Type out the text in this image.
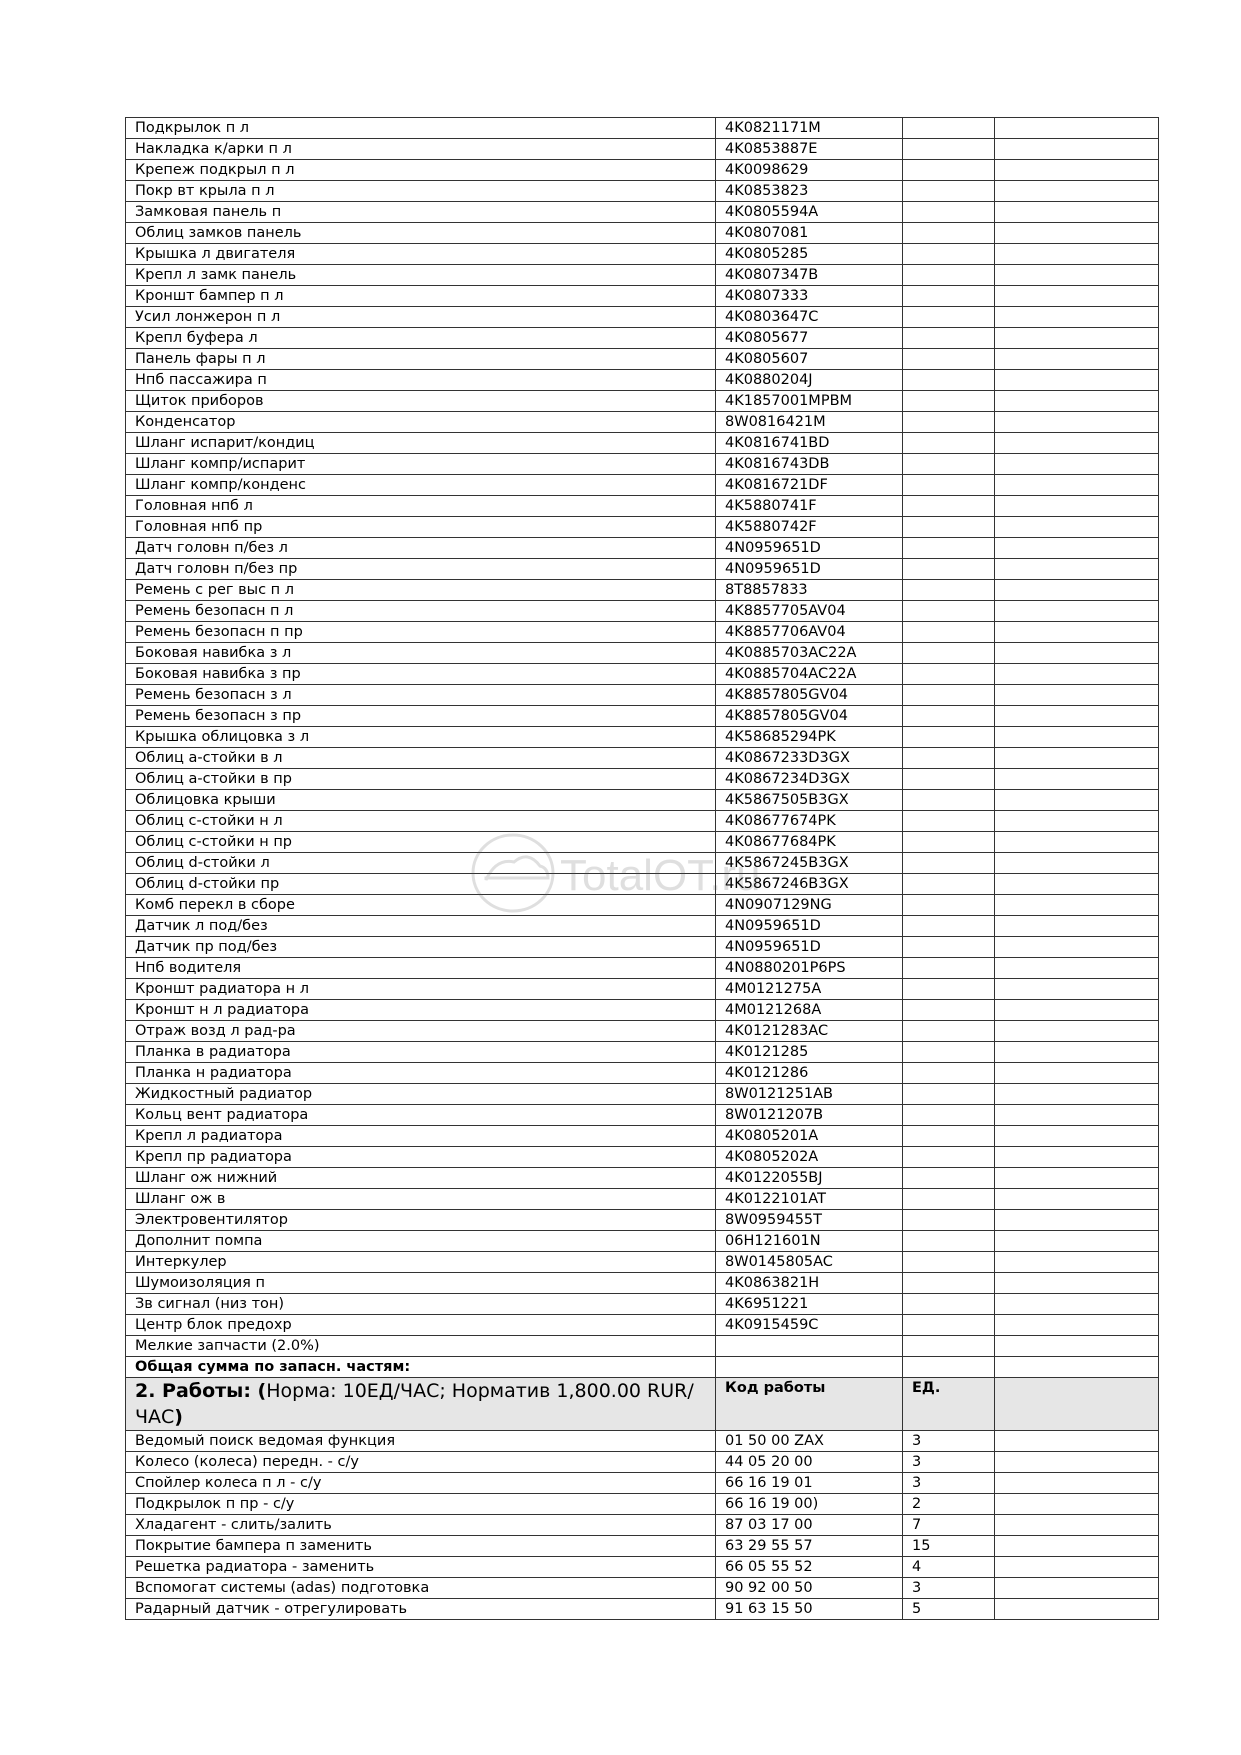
Подкрылок п л	4K0821171M		
Накладка к/арки п л	4K0853887E		
Крепеж подкрыл п л	4K0098629		
Покр вт крыла п л	4K0853823		
Замковая панель п	4K0805594A		
Облиц замков панель	4K0807081		
Крышка л двигателя	4K0805285		
Крепл л замк панель	4K0807347B		
Кроншт бампер п л	4K0807333		
Усил лонжерон п л	4K0803647C		
Крепл буфера л	4K0805677		
Панель фары п л	4K0805607		
Нпб пассажира п	4K0880204J		
Щиток приборов	4K1857001MPBM		
Конденсатор	8W0816421M		
Шланг испарит/кондиц	4K0816741BD		
Шланг компр/испарит	4K0816743DB		
Шланг компр/конденс	4K0816721DF		
Головная нпб л	4K5880741F		
Головная нпб пр	4K5880742F		
Датч головн п/без л	4N0959651D		
Датч головн п/без пр	4N0959651D		
Ремень с рег выс п л	8T8857833		
Ремень безопасн п л	4K8857705AV04		
Ремень безопасн п пр	4K8857706AV04		
Боковая навибка з л	4K0885703AC22A		
Боковая навибка з пр	4K0885704AC22A		
Ремень безопасн з л	4K8857805GV04		
Ремень безопасн з пр	4K8857805GV04		
Крышка облицовка з л	4K58685294PK		
Облиц а-стойки в л	4K0867233D3GX		
Облиц а-стойки в пр	4K0867234D3GX		
Облицовка крыши	4K5867505B3GX		
Облиц с-стойки н л	4K08677674PK		
Облиц с-стойки н пр	4K08677684PK		
Облиц d-стойки л	4K5867245B3GX		
Облиц d-стойки пр	4K5867246B3GX		
Комб перекл в сборе	4N0907129NG		
Датчик л под/без	4N0959651D		
Датчик пр под/без	4N0959651D		
Нпб водителя	4N0880201P6PS		
Кроншт радиатора н л	4M0121275A		
Кроншт н л радиатора	4M0121268A		
Отраж возд л рад-ра	4K0121283AC		
Планка в радиатора	4K0121285		
Планка н радиатора	4K0121286		
Жидкостный радиатор	8W0121251AB		
Кольц вент радиатора	8W0121207B		
Крепл л радиатора	4K0805201A		
Крепл пр радиатора	4K0805202A		
Шланг ож нижний	4K0122055BJ		
Шланг ож в	4K0122101AT		
Электровентилятор	8W0959455T		
Дополнит помпа	06H121601N		
Интеркулер	8W0145805AC		
Шумоизоляция п	4K0863821H		
Зв сигнал (низ тон)	4K6951221		
Центр блок предохр	4K0915459C		
Мелкие запчасти (2.0%)			
Общая сумма по запасн. частям:			
2. Работы: (Норма: 10ЕД/ЧАС; Норматив 1,800.00 RUR/ЧАС)	Код работы	ЕД.	
Ведомый поиск ведомая функция	01 50 00 ZAX	3	
Колесо (колеса) передн. - с/у	44 05 20 00	3	
Спойлер колеса п л - с/у	66 16 19 01	3	
Подкрылок п пр - с/у	66 16 19 00)	2	
Хладагент - слить/залить	87 03 17 00	7	
Покрытие бампера п заменить	63 29 55 57	15	
Решетка радиатора - заменить	66 05 55 52	4	
Вспомогат системы (adas) подготовка	90 92 00 50	3	
Радарный датчик - отрегулировать	91 63 15 50	5	
TotalOT.ru
